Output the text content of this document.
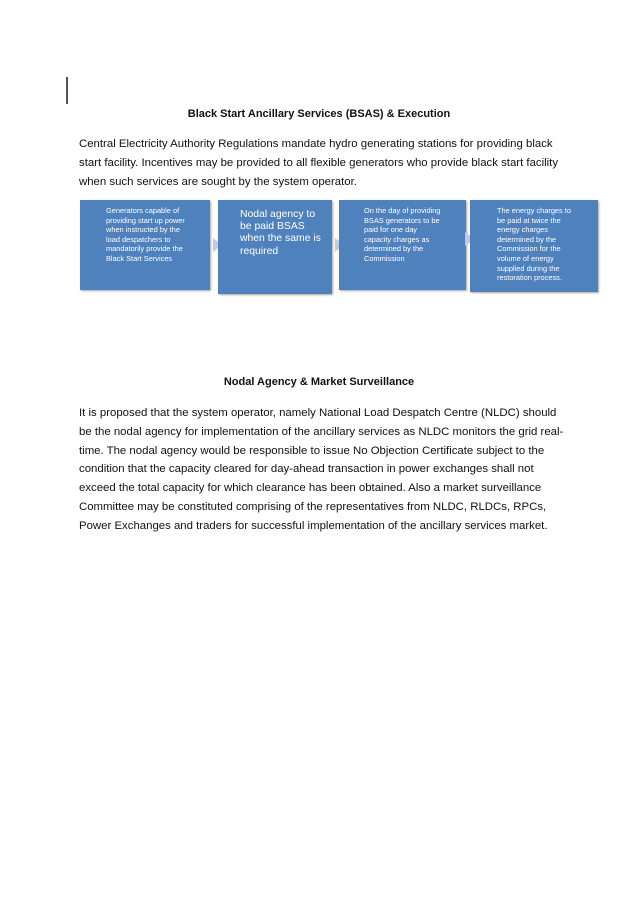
Black Start Ancillary Services (BSAS) & Execution
Central Electricity Authority Regulations mandate hydro generating stations for providing black start facility. Incentives may be provided to all flexible generators who provide black start facility when such services are sought by the system operator.
Generators capable of
providing start up power
when instructed by the
load despatchers to
mandatorily provide the
Black Start Services
Nodal agency to
be paid BSAS
when the same is
required
On the day of providing
BSAS generators to be
paid for one day
capacity charges as
determined by the
Commission
The energy charges to
be paid at twice the
energy charges
determined by the
Commission for the
volume of energy
supplied during the
restoration process.
Nodal Agency & Market Surveillance
It is proposed that the system operator, namely National Load Despatch Centre (NLDC) should be the nodal agency for implementation of the ancillary services as NLDC monitors the grid real-time. The nodal agency would be responsible to issue No Objection Certificate subject to the condition that the capacity cleared for day-ahead transaction in power exchanges shall not exceed the total capacity for which clearance has been obtained. Also a market surveillance Committee may be constituted comprising of the representatives from NLDC, RLDCs, RPCs, Power Exchanges and traders for successful implementation of the ancillary services market.
